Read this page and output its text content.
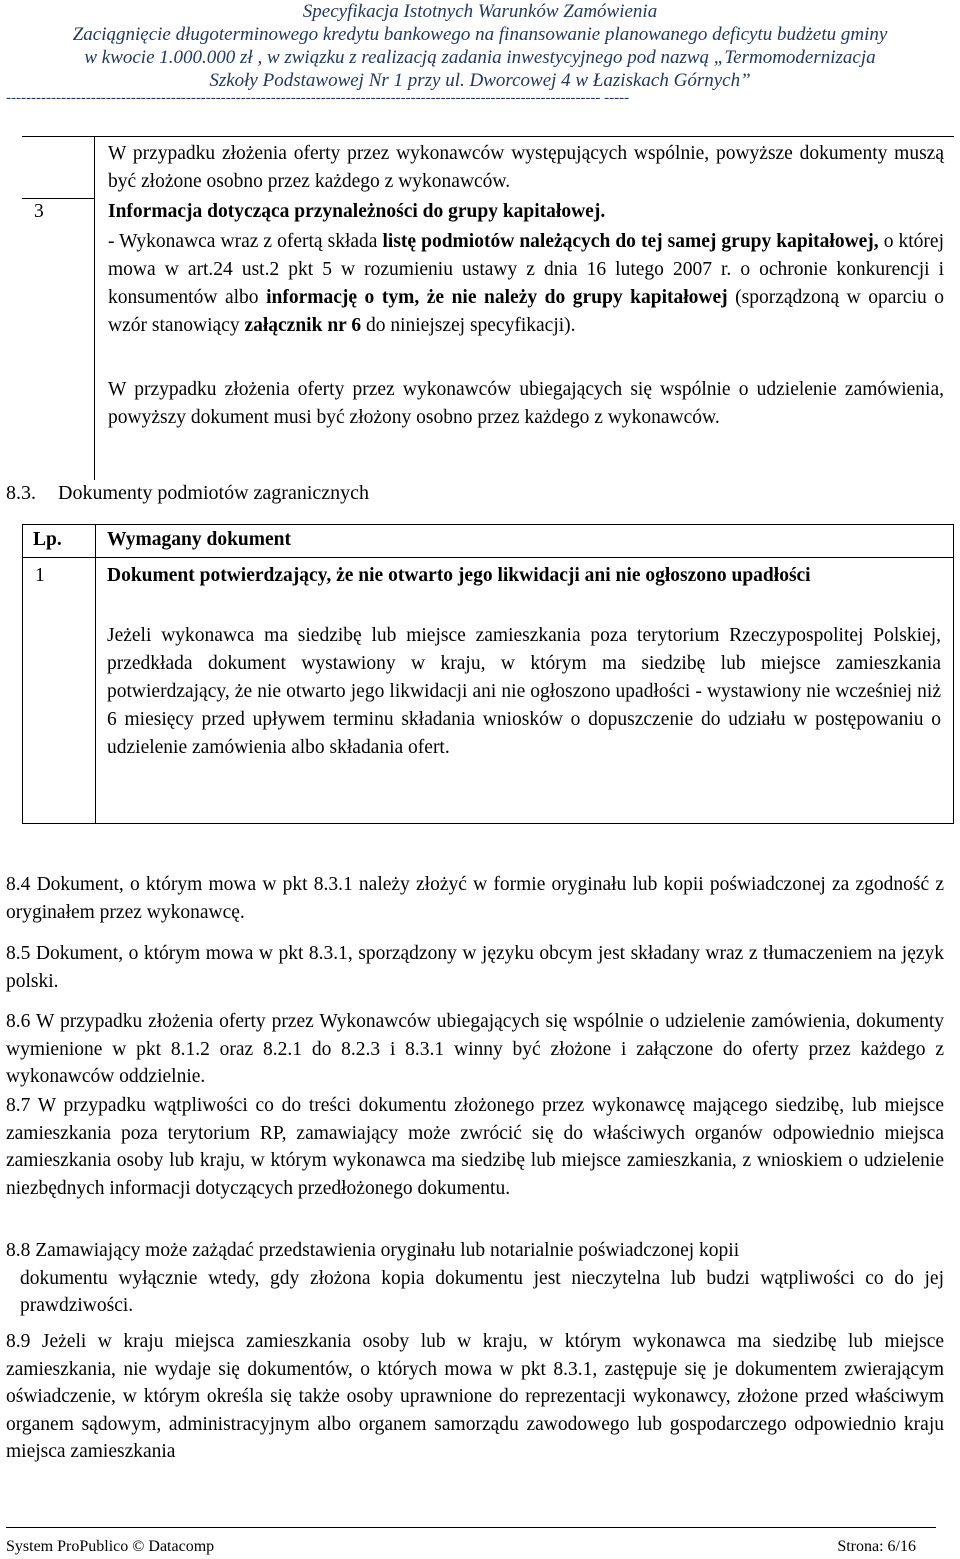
Specyfikacja Istotnych Warunków Zamówienia
Zaciągnięcie długoterminowego kredytu bankowego na finansowanie planowanego deficytu budżetu gminy
w kwocie 1.000.000 zł , w związku z realizacją zadania inwestycyjnego pod nazwą „Termomodernizacja
Szkoły Podstawowej Nr 1 przy ul. Dworcowej 4 w Łaziskach Górnych”
----------------------------------------------------------------------------------------------------------------------- -----
W przypadku złożenia oferty przez wykonawców występujących wspólnie, powyższe dokumenty muszą być złożone osobno przez każdego z wykonawców.
3	Informacja dotycząca przynależności do grupy kapitałowej.
- Wykonawca wraz z ofertą składa listę podmiotów należących do tej samej grupy kapitałowej, o której mowa w art.24 ust.2 pkt 5 w rozumieniu ustawy z dnia 16 lutego 2007 r. o ochronie konkurencji i konsumentów albo informację o tym, że nie należy do grupy kapitałowej (sporządzoną w oparciu o wzór stanowiący załącznik nr 6 do niniejszej specyfikacji).
W przypadku złożenia oferty przez wykonawców ubiegających się wspólnie o udzielenie zamówienia, powyższy dokument musi być złożony osobno przez każdego z wykonawców.
8.3. Dokumenty podmiotów zagranicznych
Lp. Wymagany dokument
1	Dokument potwierdzający, że nie otwarto jego likwidacji ani nie ogłoszono upadłości
Jeżeli wykonawca ma siedzibę lub miejsce zamieszkania poza terytorium Rzeczypospolitej Polskiej, przedkłada dokument wystawiony w kraju, w którym ma siedzibę lub miejsce zamieszkania potwierdzający, że nie otwarto jego likwidacji ani nie ogłoszono upadłości - wystawiony nie wcześniej niż 6 miesięcy przed upływem terminu składania wniosków o dopuszczenie do udziału w postępowaniu o udzielenie zamówienia albo składania ofert.
8.4 Dokument, o którym mowa w pkt 8.3.1 należy złożyć w formie oryginału lub kopii poświadczonej za zgodność z oryginałem przez wykonawcę.
8.5 Dokument, o którym mowa w pkt 8.3.1, sporządzony w języku obcym jest składany wraz z tłumaczeniem na język polski.
8.6 W przypadku złożenia oferty przez Wykonawców ubiegających się wspólnie o udzielenie zamówienia, dokumenty wymienione w pkt 8.1.2 oraz 8.2.1 do 8.2.3 i 8.3.1 winny być złożone i załączone do oferty przez każdego z wykonawców oddzielnie.
8.7 W przypadku wątpliwości co do treści dokumentu złożonego przez wykonawcę mającego siedzibę, lub miejsce zamieszkania poza terytorium RP, zamawiający może zwrócić się do właściwych organów odpowiednio miejsca zamieszkania osoby lub kraju, w którym wykonawca ma siedzibę lub miejsce zamieszkania, z wnioskiem o udzielenie niezbędnych informacji dotyczących przedłożonego dokumentu.
8.8 Zamawiający może zażądać przedstawienia oryginału lub notarialnie poświadczonej kopii
dokumentu wyłącznie wtedy, gdy złożona kopia dokumentu jest nieczytelna lub budzi wątpliwości co do jej prawdziwości.
8.9 Jeżeli w kraju miejsca zamieszkania osoby lub w kraju, w którym wykonawca ma siedzibę lub miejsce zamieszkania, nie wydaje się dokumentów, o których mowa w pkt 8.3.1, zastępuje się je dokumentem zwierającym oświadczenie, w którym określa się także osoby uprawnione do reprezentacji wykonawcy, złożone przed właściwym organem sądowym, administracyjnym albo organem samorządu zawodowego lub gospodarczego odpowiednio kraju miejsca zamieszkania
System ProPublico © Datacomp	Strona: 6/16
